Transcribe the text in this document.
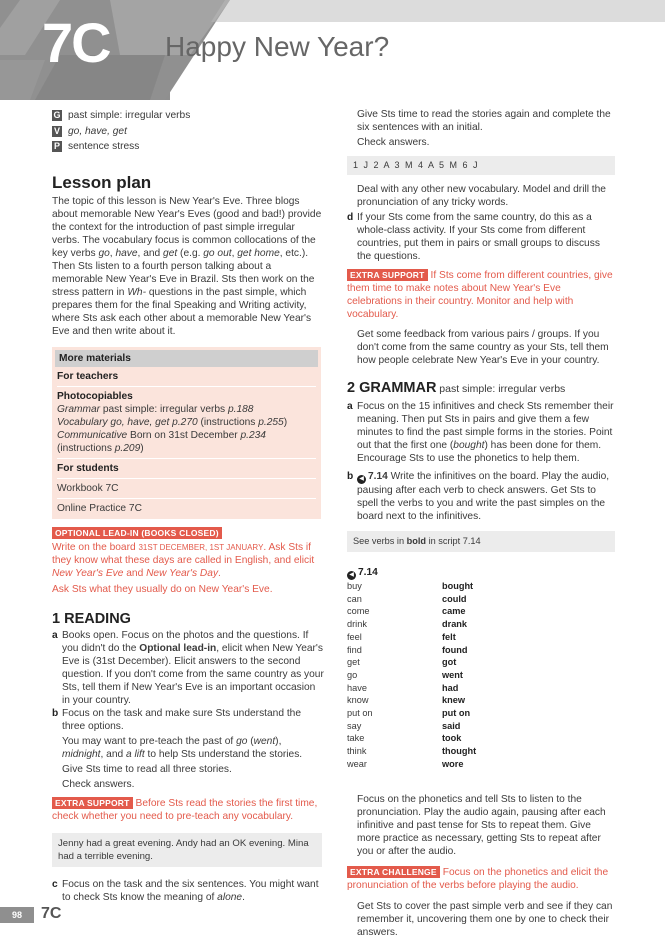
7C Happy New Year?
G past simple: irregular verbs
V go, have, get
P sentence stress
Lesson plan

The topic of this lesson is New Year's Eve. Three blogs about memorable New Year's Eves (good and bad!) provide the context for the introduction of past simple irregular verbs. The vocabulary focus is common collocations of the key verbs go, have, and get (e.g. go out, get home, etc.). Then Sts listen to a fourth person talking about a memorable New Year's Eve in Brazil. Sts then work on the stress pattern in Wh- questions in the past simple, which prepares them for the final Speaking and Writing activity, where Sts ask each other about a memorable New Year's Eve and then write about it.

More materials
For teachers
Photocopiables
Grammar past simple: irregular verbs p.188
Vocabulary go, have, get p.270 (instructions p.255)
Communicative Born on 31st December p.234
(instructions p.209)
For students
Workbook 7C
Online Practice 7C
OPTIONAL LEAD-IN (BOOKS CLOSED)

Write on the board 31ST DECEMBER, 1ST JANUARY. Ask Sts if they know what these days are called in English, and elicit New Year's Eve and New Year's Day.

Ask Sts what they usually do on New Year's Eve.

1 READING
a Books open. Focus on the photos and the questions. If you didn't do the Optional lead-in, elicit when New Year's Eve is (31st December). Elicit answers to the second question. If you don't come from the same country as your Sts, tell them if New Year's Eve is an important occasion in your country.

b Focus on the task and make sure Sts understand the three options.

You may want to pre-teach the past of go (went), midnight, and a lift to help Sts understand the stories.

Give Sts time to read all three stories.

Check answers.

EXTRA SUPPORT Before Sts read the stories the first time, check whether you need to pre-teach any vocabulary.

Jenny had a great evening. Andy had an OK evening. Mina had a terrible evening.
c Focus on the task and the six sentences. You might want to check Sts know the meaning of alone.

Give Sts time to read the stories again and complete the six sentences with an initial.

Check answers.

1 J 2 A 3 M 4 A 5 M 6 J

Deal with any other new vocabulary. Model and drill the pronunciation of any tricky words.

d If your Sts come from the same country, do this as a whole-class activity. If your Sts come from different countries, put them in pairs or small groups to discuss the questions.

EXTRA SUPPORT If Sts come from different countries, give them time to make notes about New Year's Eve celebrations in their country. Monitor and help with vocabulary.

Get some feedback from various pairs / groups. If you don't come from the same country as your Sts, tell them how people celebrate New Year's Eve in your country.

2 GRAMMAR past simple: irregular verbs
a Focus on the 15 infinitives and check Sts remember their meaning. Then put Sts in pairs and give them a few minutes to find the past simple forms in the stories. Point out that the first one (bought) has been done for them. Encourage Sts to use the phonetics to help them.

b ◀ 7.14 Write the infinitives on the board. Play the audio, pausing after each verb to check answers. Get Sts to spell the verbs to you and write the past simples on the board next to the infinitives.

See verbs in bold in script 7.14
◀ 7.14
buy	bought
can	could
come	came
drink	drank
feel	felt
find	found
get	got
go	went
have	had
know	knew
put on	put on
say	said
take	took
think	thought
wear	wore

Focus on the phonetics and tell Sts to listen to the pronunciation. Play the audio again, pausing after each infinitive and past tense for Sts to repeat them. Give more practice as necessary, getting Sts to repeat after you or after the audio.

EXTRA CHALLENGE Focus on the phonetics and elicit the pronunciation of the verbs before playing the audio.

Get Sts to cover the past simple verb and see if they can remember it, uncovering them one by one to check their answers.

98	7C
